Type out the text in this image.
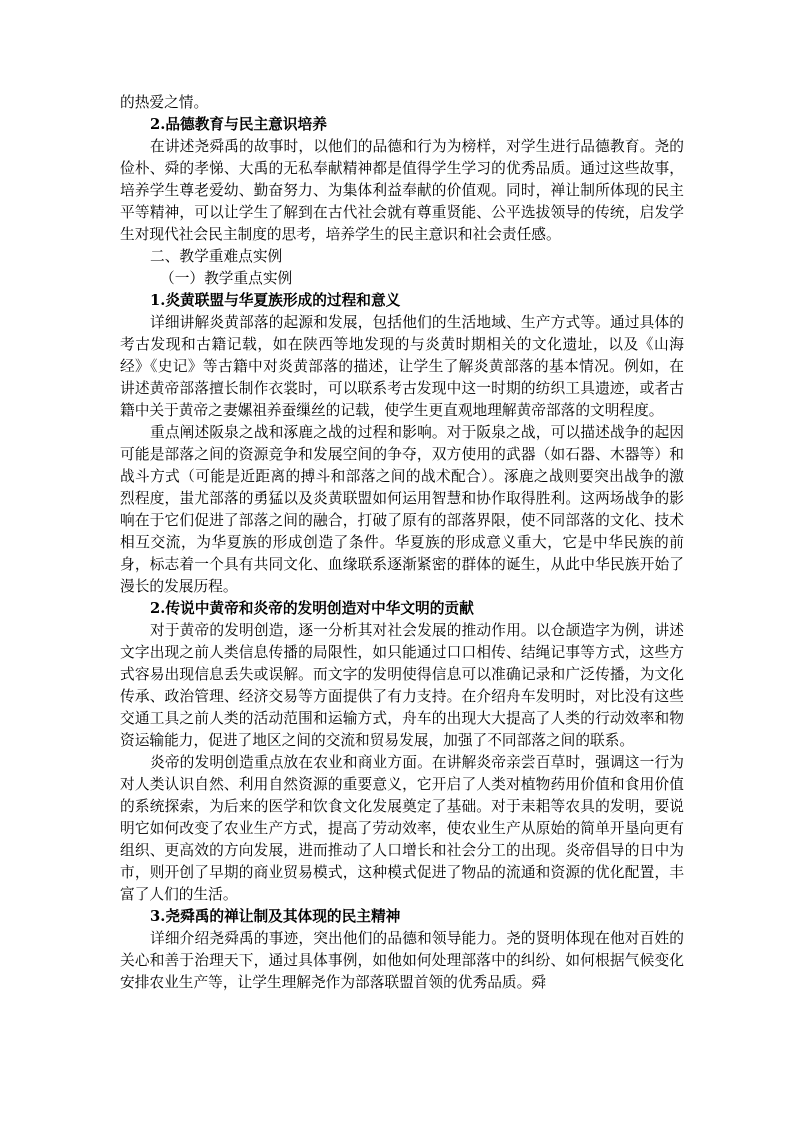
的热爱之情。

2.品德教育与民主意识培养

在讲述尧舜禹的故事时，以他们的品德和行为为榜样，对学生进行品德教育。尧的俭朴、舜的孝悌、大禹的无私奉献精神都是值得学生学习的优秀品质。通过这些故事，培养学生尊老爱幼、勤奋努力、为集体利益奉献的价值观。同时，禅让制所体现的民主平等精神，可以让学生了解到在古代社会就有尊重贤能、公平选拔领导的传统，启发学生对现代社会民主制度的思考，培养学生的民主意识和社会责任感。

二、教学重难点实例

（一）教学重点实例

1.炎黄联盟与华夏族形成的过程和意义

详细讲解炎黄部落的起源和发展，包括他们的生活地域、生产方式等。通过具体的考古发现和古籍记载，如在陕西等地发现的与炎黄时期相关的文化遗址，以及《山海经》《史记》等古籍中对炎黄部落的描述，让学生了解炎黄部落的基本情况。例如，在讲述黄帝部落擅长制作衣裳时，可以联系考古发现中这一时期的纺织工具遗迹，或者古籍中关于黄帝之妻嫘祖养蚕缫丝的记载，使学生更直观地理解黄帝部落的文明程度。

重点阐述阪泉之战和涿鹿之战的过程和影响。对于阪泉之战，可以描述战争的起因可能是部落之间的资源竞争和发展空间的争夺，双方使用的武器（如石器、木器等）和战斗方式（可能是近距离的搏斗和部落之间的战术配合）。涿鹿之战则要突出战争的激烈程度，蚩尤部落的勇猛以及炎黄联盟如何运用智慧和协作取得胜利。这两场战争的影响在于它们促进了部落之间的融合，打破了原有的部落界限，使不同部落的文化、技术相互交流，为华夏族的形成创造了条件。华夏族的形成意义重大，它是中华民族的前身，标志着一个具有共同文化、血缘联系逐渐紧密的群体的诞生，从此中华民族开始了漫长的发展历程。

2.传说中黄帝和炎帝的发明创造对中华文明的贡献

对于黄帝的发明创造，逐一分析其对社会发展的推动作用。以仓颉造字为例，讲述文字出现之前人类信息传播的局限性，如只能通过口口相传、结绳记事等方式，这些方式容易出现信息丢失或误解。而文字的发明使得信息可以准确记录和广泛传播，为文化传承、政治管理、经济交易等方面提供了有力支持。在介绍舟车发明时，对比没有这些交通工具之前人类的活动范围和运输方式，舟车的出现大大提高了人类的行动效率和物资运输能力，促进了地区之间的交流和贸易发展，加强了不同部落之间的联系。

炎帝的发明创造重点放在农业和商业方面。在讲解炎帝亲尝百草时，强调这一行为对人类认识自然、利用自然资源的重要意义，它开启了人类对植物药用价值和食用价值的系统探索，为后来的医学和饮食文化发展奠定了基础。对于耒耜等农具的发明，要说明它如何改变了农业生产方式，提高了劳动效率，使农业生产从原始的简单开垦向更有组织、更高效的方向发展，进而推动了人口增长和社会分工的出现。炎帝倡导的日中为市，则开创了早期的商业贸易模式，这种模式促进了物品的流通和资源的优化配置，丰富了人们的生活。

3.尧舜禹的禅让制及其体现的民主精神

详细介绍尧舜禹的事迹，突出他们的品德和领导能力。尧的贤明体现在他对百姓的关心和善于治理天下，通过具体事例，如他如何处理部落中的纠纷、如何根据气候变化安排农业生产等，让学生理解尧作为部落联盟首领的优秀品质。舜
